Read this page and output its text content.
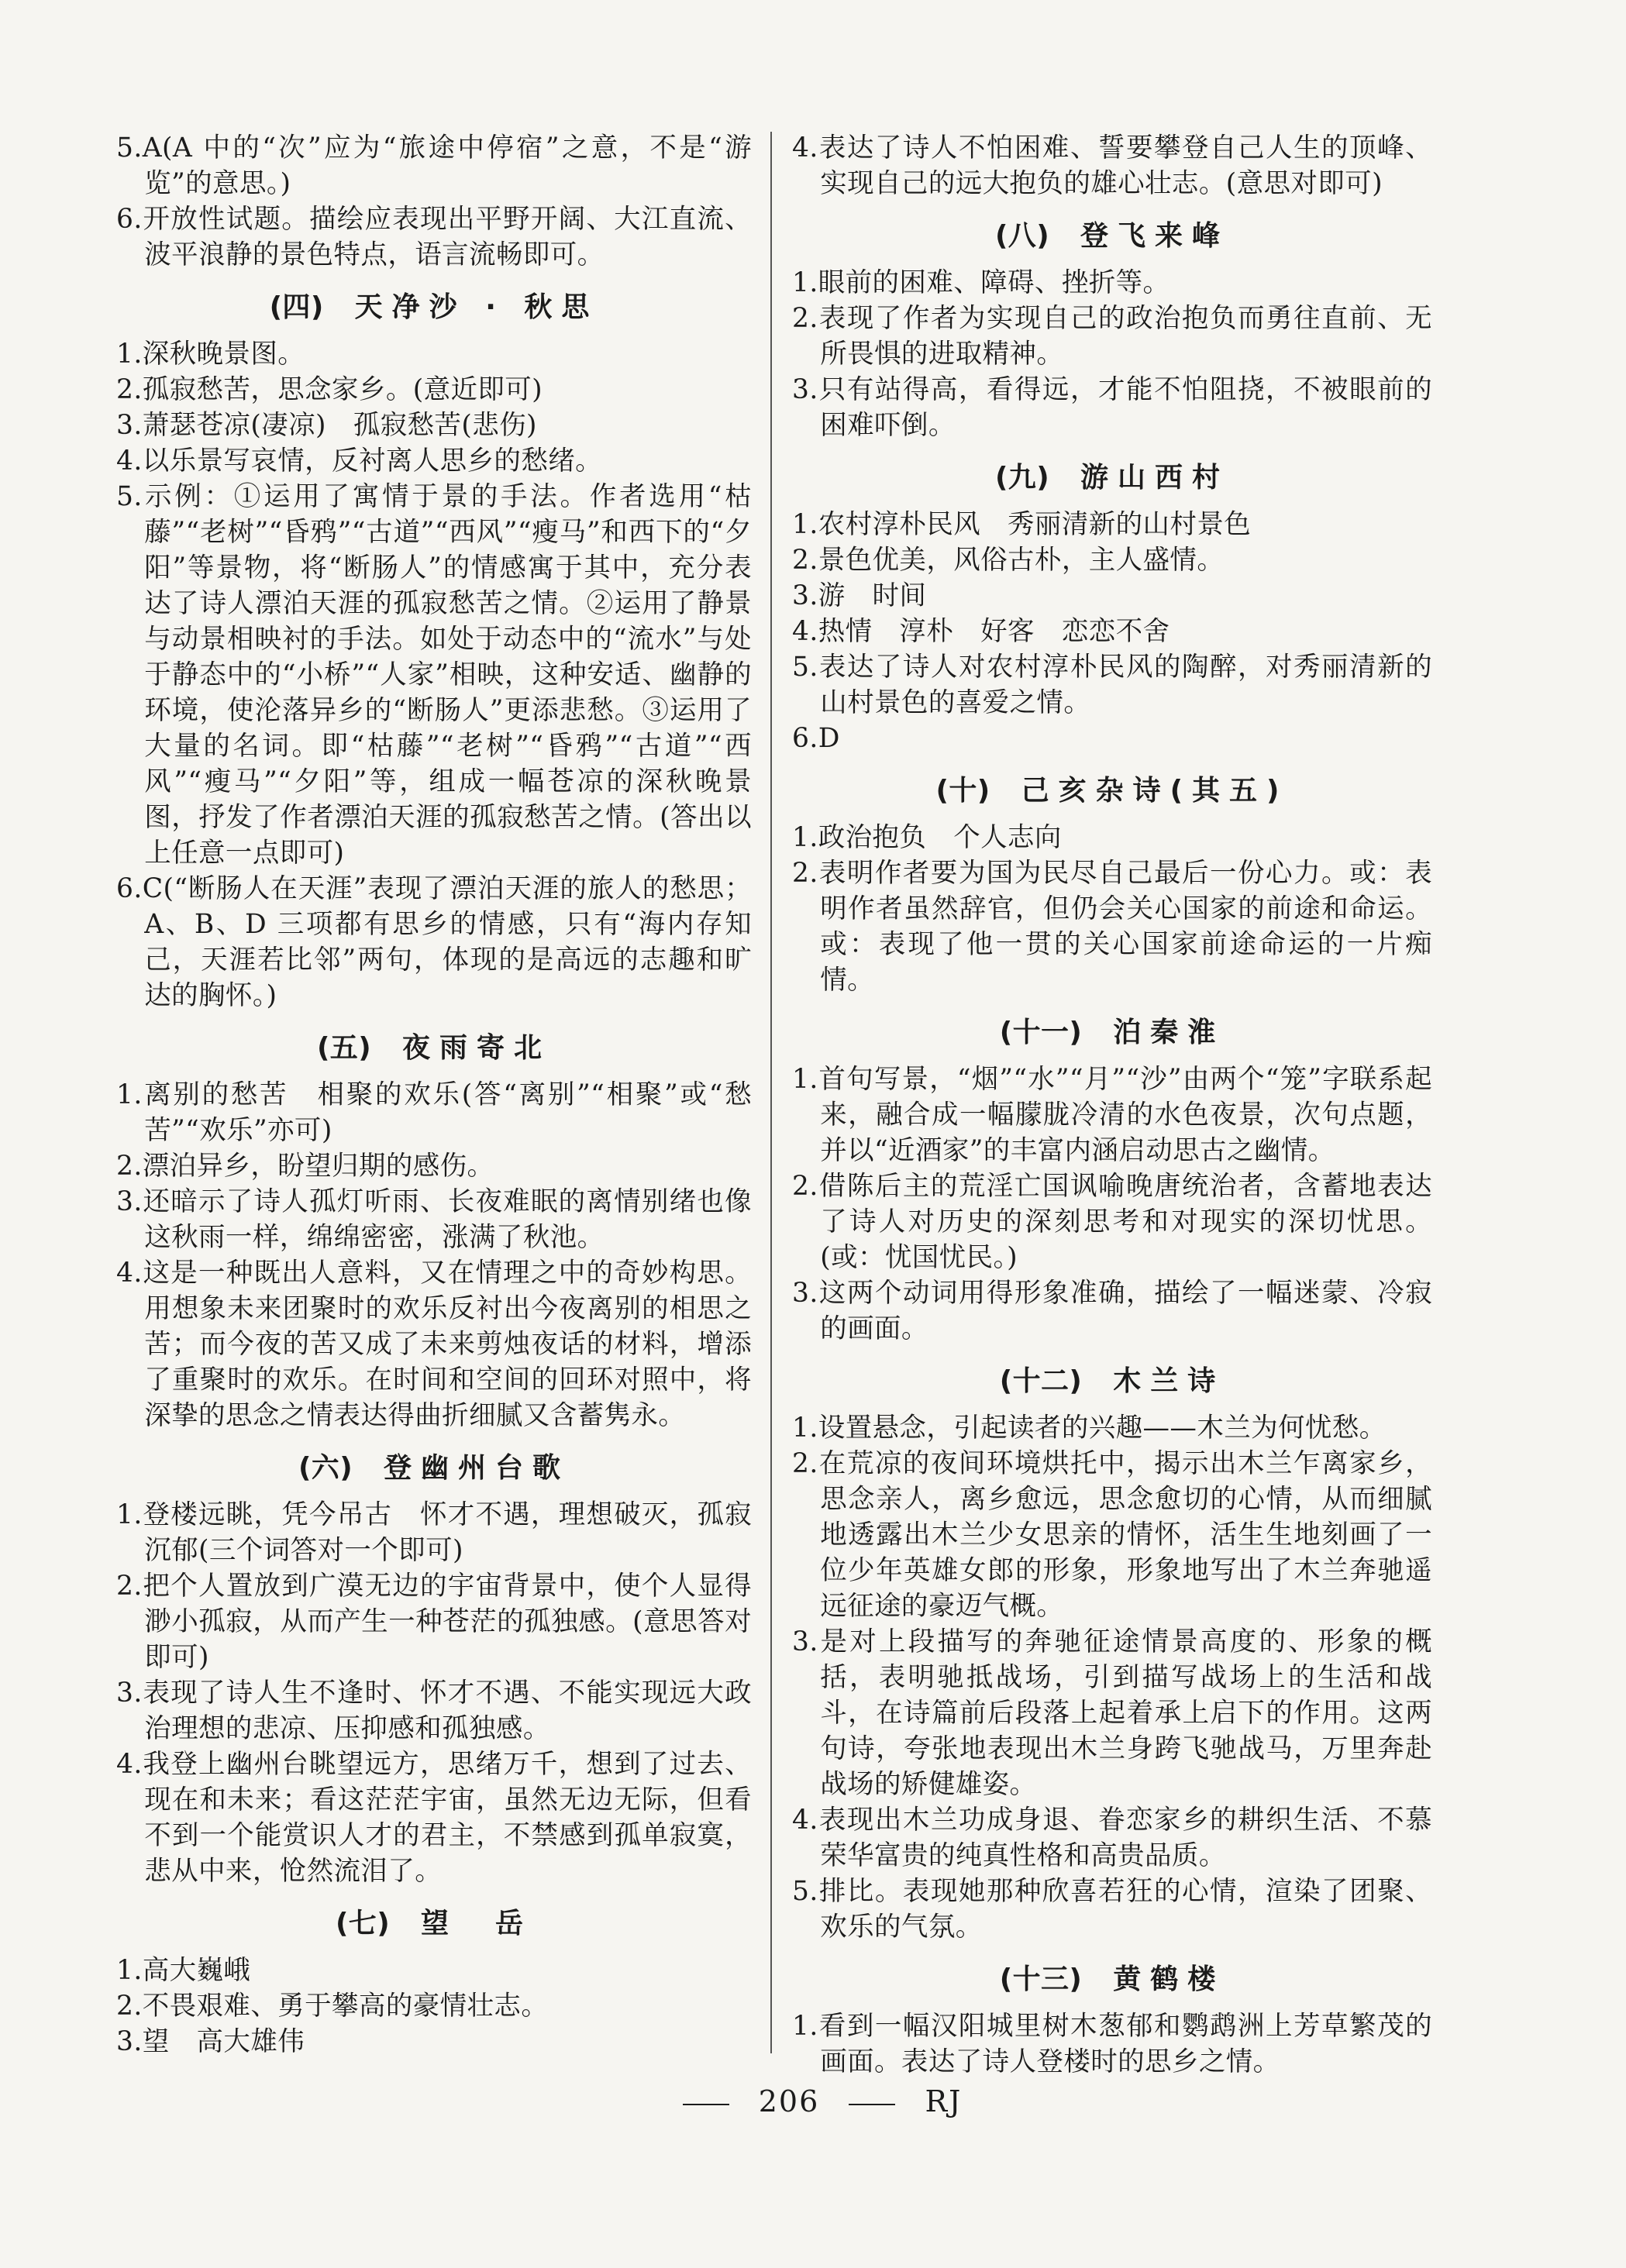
5.A(A 中的“次”应为“旅途中停宿”之意，不是“游览”的意思。)

6.开放性试题。描绘应表现出平野开阔、大江直流、波平浪静的景色特点，语言流畅即可。

(四) 天净沙 · 秋思

1.深秋晚景图。

2.孤寂愁苦，思念家乡。(意近即可)

3.萧瑟苍凉(凄凉)　孤寂愁苦(悲伤)

4.以乐景写哀情，反衬离人思乡的愁绪。

5.示例：①运用了寓情于景的手法。作者选用“枯藤”“老树”“昏鸦”“古道”“西风”“瘦马”和西下的“夕阳”等景物，将“断肠人”的情感寓于其中，充分表达了诗人漂泊天涯的孤寂愁苦之情。②运用了静景与动景相映衬的手法。如处于动态中的“流水”与处于静态中的“小桥”“人家”相映，这种安适、幽静的环境，使沦落异乡的“断肠人”更添悲愁。③运用了大量的名词。即“枯藤”“老树”“昏鸦”“古道”“西风”“瘦马”“夕阳”等，组成一幅苍凉的深秋晚景图，抒发了作者漂泊天涯的孤寂愁苦之情。(答出以上任意一点即可)

6.C(“断肠人在天涯”表现了漂泊天涯的旅人的愁思；A、B、D 三项都有思乡的情感，只有“海内存知己，天涯若比邻”两句，体现的是高远的志趣和旷达的胸怀。)

(五) 夜雨寄北

1.离别的愁苦　相聚的欢乐(答“离别”“相聚”或“愁苦”“欢乐”亦可)

2.漂泊异乡，盼望归期的感伤。

3.还暗示了诗人孤灯听雨、长夜难眠的离情别绪也像这秋雨一样，绵绵密密，涨满了秋池。

4.这是一种既出人意料，又在情理之中的奇妙构思。用想象未来团聚时的欢乐反衬出今夜离别的相思之苦；而今夜的苦又成了未来剪烛夜话的材料，增添了重聚时的欢乐。在时间和空间的回环对照中，将深挚的思念之情表达得曲折细腻又含蓄隽永。

(六) 登幽州台歌

1.登楼远眺，凭今吊古　怀才不遇，理想破灭，孤寂沉郁(三个词答对一个即可)

2.把个人置放到广漠无边的宇宙背景中，使个人显得渺小孤寂，从而产生一种苍茫的孤独感。(意思答对即可)

3.表现了诗人生不逢时、怀才不遇、不能实现远大政治理想的悲凉、压抑感和孤独感。

4.我登上幽州台眺望远方，思绪万千，想到了过去、现在和未来；看这茫茫宇宙，虽然无边无际，但看不到一个能赏识人才的君主，不禁感到孤单寂寞，悲从中来，怆然流泪了。

(七) 望　岳

1.高大巍峨

2.不畏艰难、勇于攀高的豪情壮志。

3.望　高大雄伟

4.表达了诗人不怕困难、誓要攀登自己人生的顶峰、实现自己的远大抱负的雄心壮志。(意思对即可)

(八) 登飞来峰

1.眼前的困难、障碍、挫折等。

2.表现了作者为实现自己的政治抱负而勇往直前、无所畏惧的进取精神。

3.只有站得高，看得远，才能不怕阻挠，不被眼前的困难吓倒。

(九) 游山西村

1.农村淳朴民风　秀丽清新的山村景色

2.景色优美，风俗古朴，主人盛情。

3.游　时间

4.热情　淳朴　好客　恋恋不舍

5.表达了诗人对农村淳朴民风的陶醉，对秀丽清新的山村景色的喜爱之情。

6.D

(十) 己亥杂诗(其五)

1.政治抱负　个人志向

2.表明作者要为国为民尽自己最后一份心力。或：表明作者虽然辞官，但仍会关心国家的前途和命运。或：表现了他一贯的关心国家前途命运的一片痴情。

(十一) 泊秦淮

1.首句写景，“烟”“水”“月”“沙”由两个“笼”字联系起来，融合成一幅朦胧冷清的水色夜景，次句点题，并以“近酒家”的丰富内涵启动思古之幽情。

2.借陈后主的荒淫亡国讽喻晚唐统治者，含蓄地表达了诗人对历史的深刻思考和对现实的深切忧思。(或：忧国忧民。)

3.这两个动词用得形象准确，描绘了一幅迷蒙、冷寂的画面。

(十二) 木兰诗

1.设置悬念，引起读者的兴趣——木兰为何忧愁。

2.在荒凉的夜间环境烘托中，揭示出木兰乍离家乡，思念亲人，离乡愈远，思念愈切的心情，从而细腻地透露出木兰少女思亲的情怀，活生生地刻画了一位少年英雄女郎的形象，形象地写出了木兰奔驰遥远征途的豪迈气概。

3.是对上段描写的奔驰征途情景高度的、形象的概括，表明驰抵战场，引到描写战场上的生活和战斗，在诗篇前后段落上起着承上启下的作用。这两句诗，夸张地表现出木兰身跨飞驰战马，万里奔赴战场的矫健雄姿。

4.表现出木兰功成身退、眷恋家乡的耕织生活、不慕荣华富贵的纯真性格和高贵品质。

5.排比。表现她那种欣喜若狂的心情，渲染了团聚、欢乐的气氛。

(十三) 黄鹤楼

1.看到一幅汉阳城里树木葱郁和鹦鹉洲上芳草繁茂的画面。表达了诗人登楼时的思乡之情。

206	RJ
